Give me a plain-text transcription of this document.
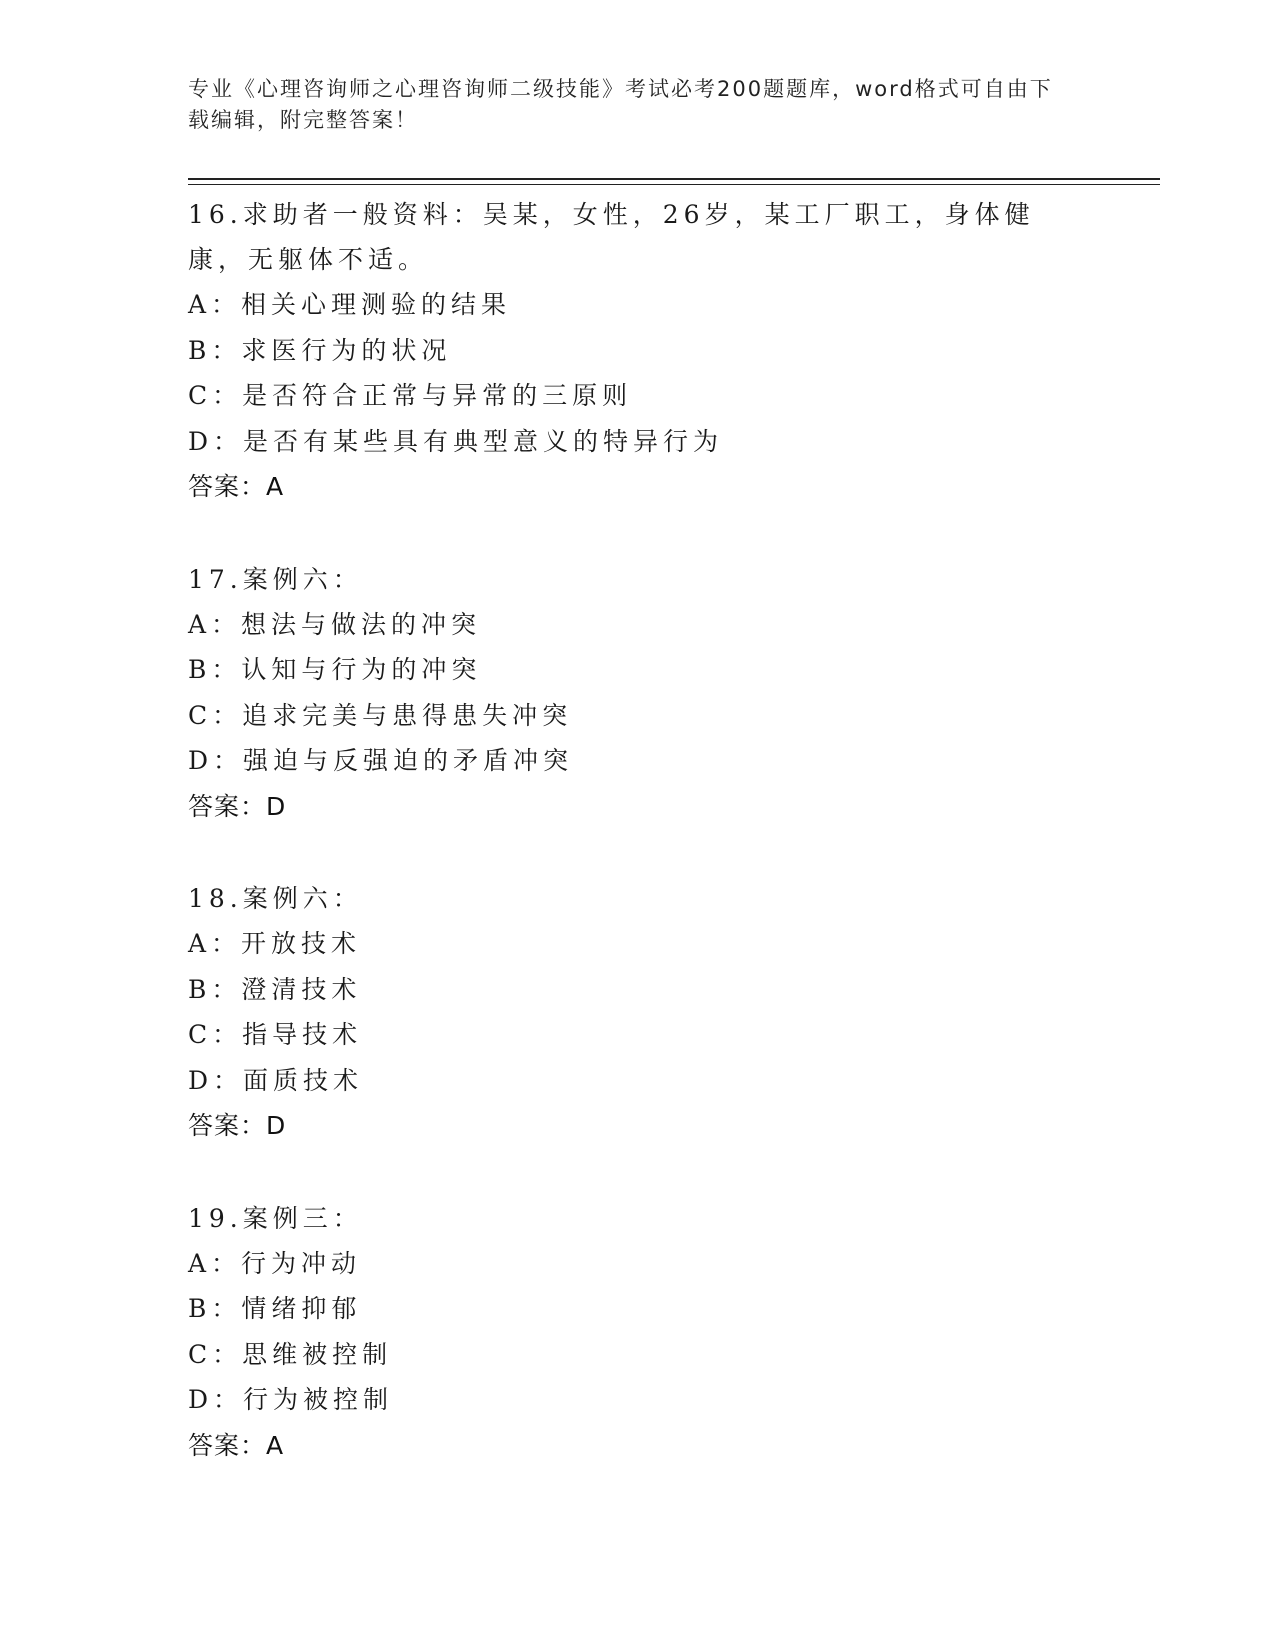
专业《心理咨询师之心理咨询师二级技能》考试必考200题题库，word格式可自由下载编辑，附完整答案！

16.求助者一般资料：吴某，女性，26岁，某工厂职工，身体健康，无躯体不适。

A：相关心理测验的结果

B：求医行为的状况

C：是否符合正常与异常的三原则

D：是否有某些具有典型意义的特异行为

答案：A

17.案例六：

A：想法与做法的冲突

B：认知与行为的冲突

C：追求完美与患得患失冲突

D：强迫与反强迫的矛盾冲突

答案：D

18.案例六：

A：开放技术

B：澄清技术

C：指导技术

D：面质技术

答案：D

19.案例三：

A：行为冲动

B：情绪抑郁

C：思维被控制

D：行为被控制

答案：A
